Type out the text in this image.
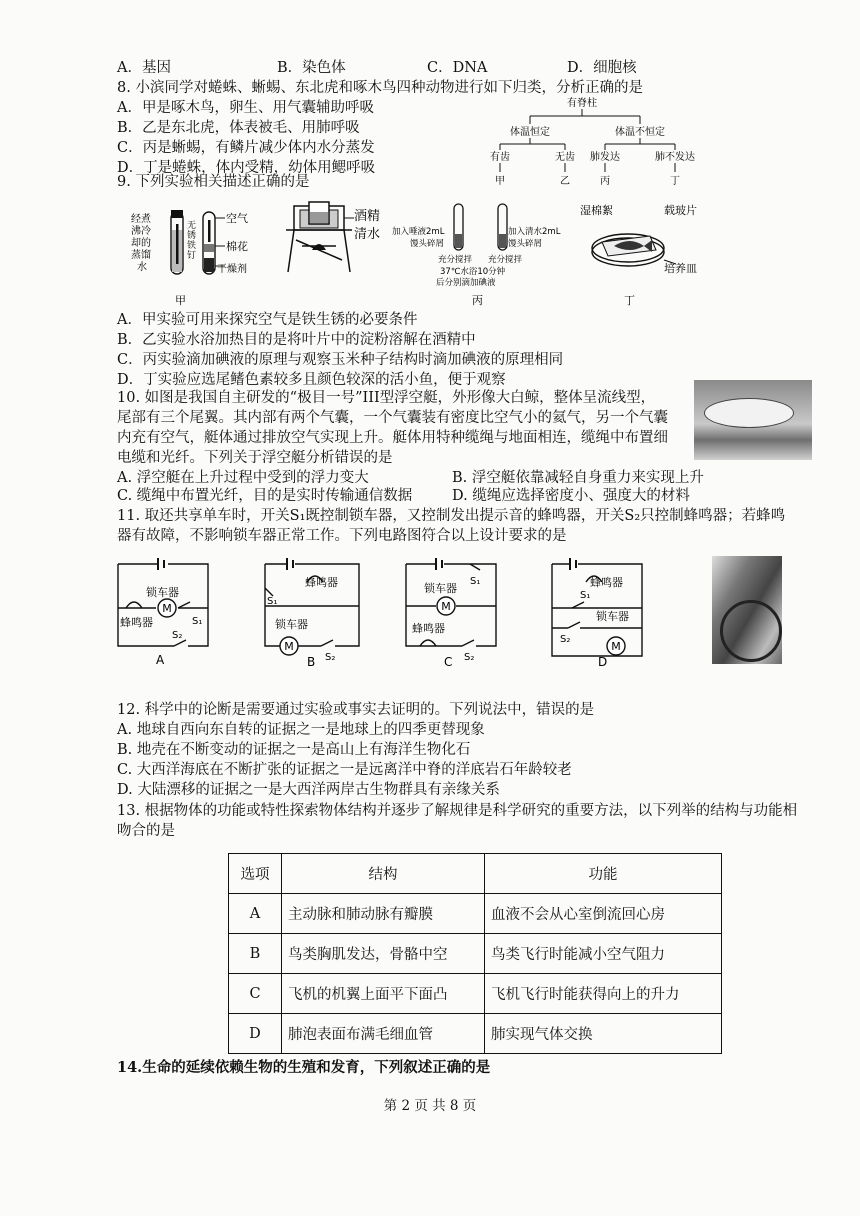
A．基因	B．染色体	C．DNA	D．细胞核
8. 小滨同学对蜷蛛、蜥蜴、东北虎和啄木鸟四种动物进行如下归类，分析正确的是
A．甲是啄木鸟，卵生、用气囊辅助呼吸
B．乙是东北虎，体表被毛、用肺呼吸
C．丙是蜥蜴，有鳞片减少体内水分蒸发
D．丁是蜷蛛，体内受精，幼体用鳃呼吸
有脊柱
体温恒定	体温不恒定
有齿	无齿 肺发达	肺不发达
甲	乙	丙	丁
9. 下列实验相关描述正确的是
经煮
沸冷
却的
蒸馏
水
无
锈
铁
钉
空气
棉花
干燥剂
甲
酒精
清水 加入唾液2mL
馒头碎屑
加入清水2mL
馒头碎屑
充分搅拌 充分搅拌
37℃水浴10分钟
后分别滴加碘液
丙
湿棉絮	载玻片
培养皿
丁
A．甲实验可用来探究空气是铁生锈的必要条件
B．乙实验水浴加热目的是将叶片中的淀粉溶解在酒精中
C．丙实验滴加碘液的原理与观察玉米种子结构时滴加碘液的原理相同
D．丁实验应选尾鳍色素较多且颜色较深的活小鱼，便于观察
10. 如图是我国自主研发的“极目一号”III型浮空艇，外形像大白鲸，整体呈流线型，
尾部有三个尾翼。其内部有两个气囊，一个气囊装有密度比空气小的氦气，另一个气囊
内充有空气，艇体通过排放空气实现上升。艇体用特种缆绳与地面相连，缆绳中布置细
电缆和光纤。下列关于浮空艇分析错误的是
A. 浮空艇在上升过程中受到的浮力变大	B. 浮空艇依靠减轻自身重力来实现上升
C. 缆绳中布置光纤，目的是实时传输通信数据	D. 缆绳应选择密度小、强度大的材料
11. 取还共享单车时，开关S₁既控制锁车器，又控制发出提示音的蜂鸣器，开关S₂只控制蜂鸣器；若蜂鸣
器有故障，不影响锁车器正常工作。下列电路图符合以上设计要求的是
M
锁车器
蜂鸣器	S₁
S₂
A
蜂鸣器
S₁
锁车器
M
S₂
B
M
S₁
锁车器
蜂鸣器
S₂
C
蜂鸣器
S₁
S₂
锁车器
M
D
12. 科学中的论断是需要通过实验或事实去证明的。下列说法中，错误的是
A. 地球自西向东自转的证据之一是地球上的四季更替现象
B. 地壳在不断变动的证据之一是高山上有海洋生物化石
C. 大西洋海底在不断扩张的证据之一是远离洋中脊的洋底岩石年龄较老
D. 大陆漂移的证据之一是大西洋两岸古生物群具有亲缘关系
13. 根据物体的功能或特性探索物体结构并逐步了解规律是科学研究的重要方法，以下列举的结构与功能相
吻合的是
选项	结构	功能
A	主动脉和肺动脉有瓣膜	血液不会从心室倒流回心房
B	鸟类胸肌发达，骨骼中空	鸟类飞行时能减小空气阻力
C	飞机的机翼上面平下面凸	飞机飞行时能获得向上的升力
D	肺泡表面布满毛细血管	肺实现气体交换
14.生命的延续依赖生物的生殖和发育，下列叙述正确的是
第 2 页 共 8 页
